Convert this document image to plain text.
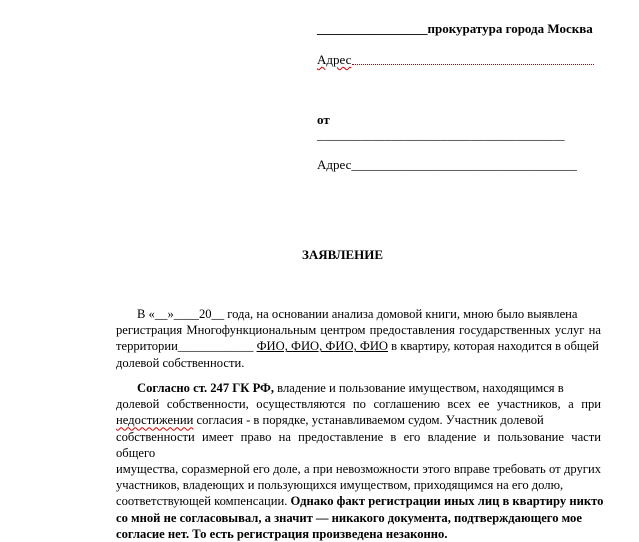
_________________прокуратура города Москва
Адрес
от
________________________________________
Адрес_____________________________________
ЗАЯВЛЕНИЕ
В «__»____20__ года, на основании анализа домовой книги, мною было выявлена
регистрация Многофункциональным центром предоставления государственных услуг на
территории____________ ФИО, ФИО, ФИО, ФИО в квартиру, которая находится в общей
долевой собственности.
Согласно ст. 247 ГК РФ, владение и пользование имуществом, находящимся в
долевой собственности, осуществляются по соглашению всех ее участников, а при
недостижении согласия - в порядке, устанавливаемом судом. Участник долевой
собственности имеет право на предоставление в его владение и пользование части общего
имущества, соразмерной его доле, а при невозможности этого вправе требовать от других
участников, владеющих и пользующихся имуществом, приходящимся на его долю,
соответствующей компенсации. Однако факт регистрации иных лиц в квартиру никто
со мной не согласовывал, а значит — никакого документа, подтверждающего мое
согласие нет. То есть регистрация произведена незаконно.
